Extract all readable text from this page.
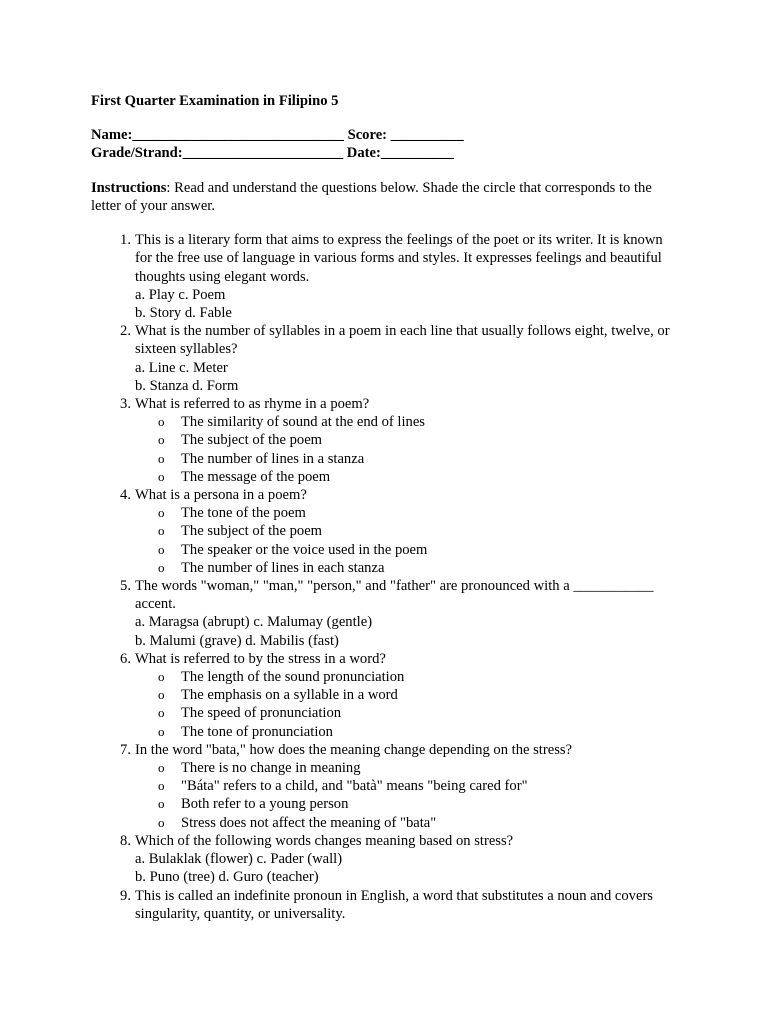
First Quarter Examination in Filipino 5
Name:_____________________________ Score: __________
Grade/Strand:______________________ Date:__________
Instructions: Read and understand the questions below. Shade the circle that corresponds to the letter of your answer.
1. This is a literary form that aims to express the feelings of the poet or its writer. It is known for the free use of language in various forms and styles. It expresses feelings and beautiful thoughts using elegant words.
a. Play c. Poem
b. Story d. Fable
2. What is the number of syllables in a poem in each line that usually follows eight, twelve, or sixteen syllables?
a. Line c. Meter
b. Stanza d. Form
3. What is referred to as rhyme in a poem?
o The similarity of sound at the end of lines
o The subject of the poem
o The number of lines in a stanza
o The message of the poem
4. What is a persona in a poem?
o The tone of the poem
o The subject of the poem
o The speaker or the voice used in the poem
o The number of lines in each stanza
5. The words "woman," "man," "person," and "father" are pronounced with a ___________ accent.
a. Maragsa (abrupt) c. Malumay (gentle)
b. Malumi (grave) d. Mabilis (fast)
6. What is referred to by the stress in a word?
o The length of the sound pronunciation
o The emphasis on a syllable in a word
o The speed of pronunciation
o The tone of pronunciation
7. In the word "bata," how does the meaning change depending on the stress?
o There is no change in meaning
o "Báta" refers to a child, and "batà" means "being cared for"
o Both refer to a young person
o Stress does not affect the meaning of "bata"
8. Which of the following words changes meaning based on stress?
a. Bulaklak (flower) c. Pader (wall)
b. Puno (tree) d. Guro (teacher)
9. This is called an indefinite pronoun in English, a word that substitutes a noun and covers singularity, quantity, or universality.
